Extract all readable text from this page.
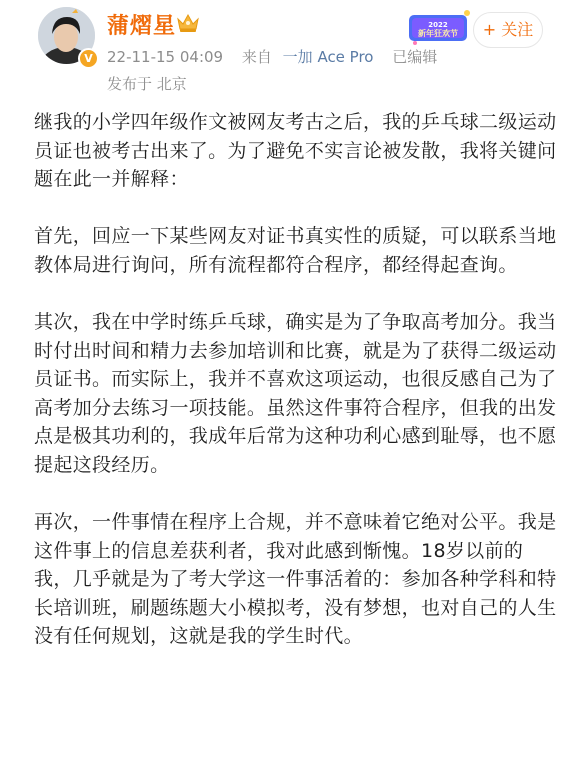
V
蒲熠星
22-11-15 04:09 来自 一加 Ace Pro 已编辑
发布于 北京
2022
新年狂欢节	+ 关注

继我的小学四年级作文被网友考古之后，我的乒乓球二级运动员证也被考古出来了。为了避免不实言论被发散，我将关键问题在此一并解释：

首先，回应一下某些网友对证书真实性的质疑，可以联系当地教体局进行询问，所有流程都符合程序，都经得起查询。

其次，我在中学时练乒乓球，确实是为了争取高考加分。我当时付出时间和精力去参加培训和比赛，就是为了获得二级运动员证书。而实际上，我并不喜欢这项运动，也很反感自己为了高考加分去练习一项技能。虽然这件事符合程序，但我的出发点是极其功利的，我成年后常为这种功利心感到耻辱，也不愿提起这段经历。

再次，一件事情在程序上合规，并不意味着它绝对公平。我是这件事上的信息差获利者，我对此感到惭愧。18岁以前的我，几乎就是为了考大学这一件事活着的：参加各种学科和特长培训班，刷题练题大小模拟考，没有梦想，也对自己的人生没有任何规划，这就是我的学生时代。
